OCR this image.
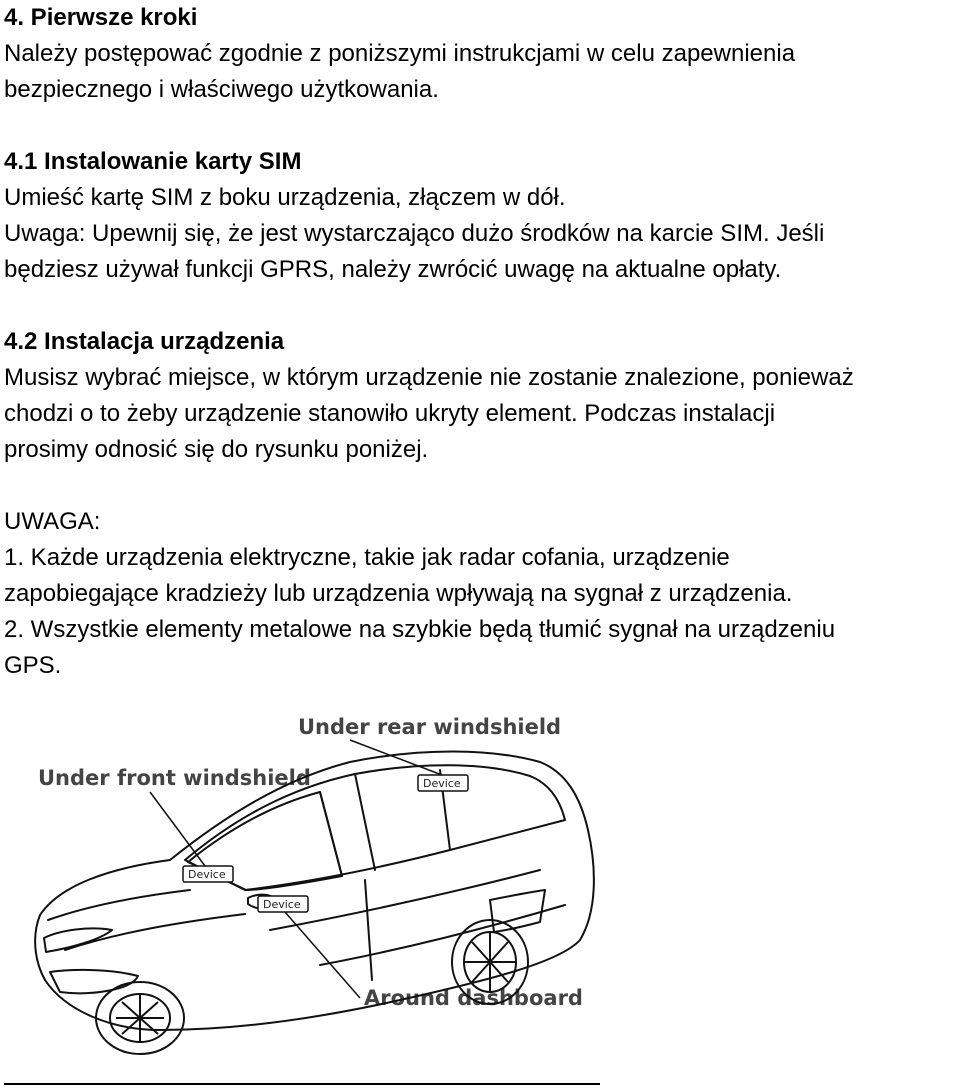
4. Pierwsze kroki

Należy postępować zgodnie z poniższymi instrukcjami w celu zapewnienia

bezpiecznego i właściwego użytkowania.

4.1 Instalowanie karty SIM

Umieść kartę SIM z boku urządzenia, złączem w dół.

Uwaga: Upewnij się, że jest wystarczająco dużo środków na karcie SIM. Jeśli

będziesz używał funkcji GPRS, należy zwrócić uwagę na aktualne opłaty.

4.2 Instalacja urządzenia

Musisz wybrać miejsce, w którym urządzenie nie zostanie znalezione, ponieważ

chodzi o to żeby urządzenie stanowiło ukryty element. Podczas instalacji

prosimy odnosić się do rysunku poniżej.

UWAGA:

1. Każde urządzenia elektryczne, takie jak radar cofania, urządzenie

zapobiegające kradzieży lub urządzenia wpływają na sygnał z urządzenia.

2. Wszystkie elementy metalowe na szybkie będą tłumić sygnał na urządzeniu

GPS.

Under rear windshield
Under front windshield
Around dashboard
Device
Device
Device
